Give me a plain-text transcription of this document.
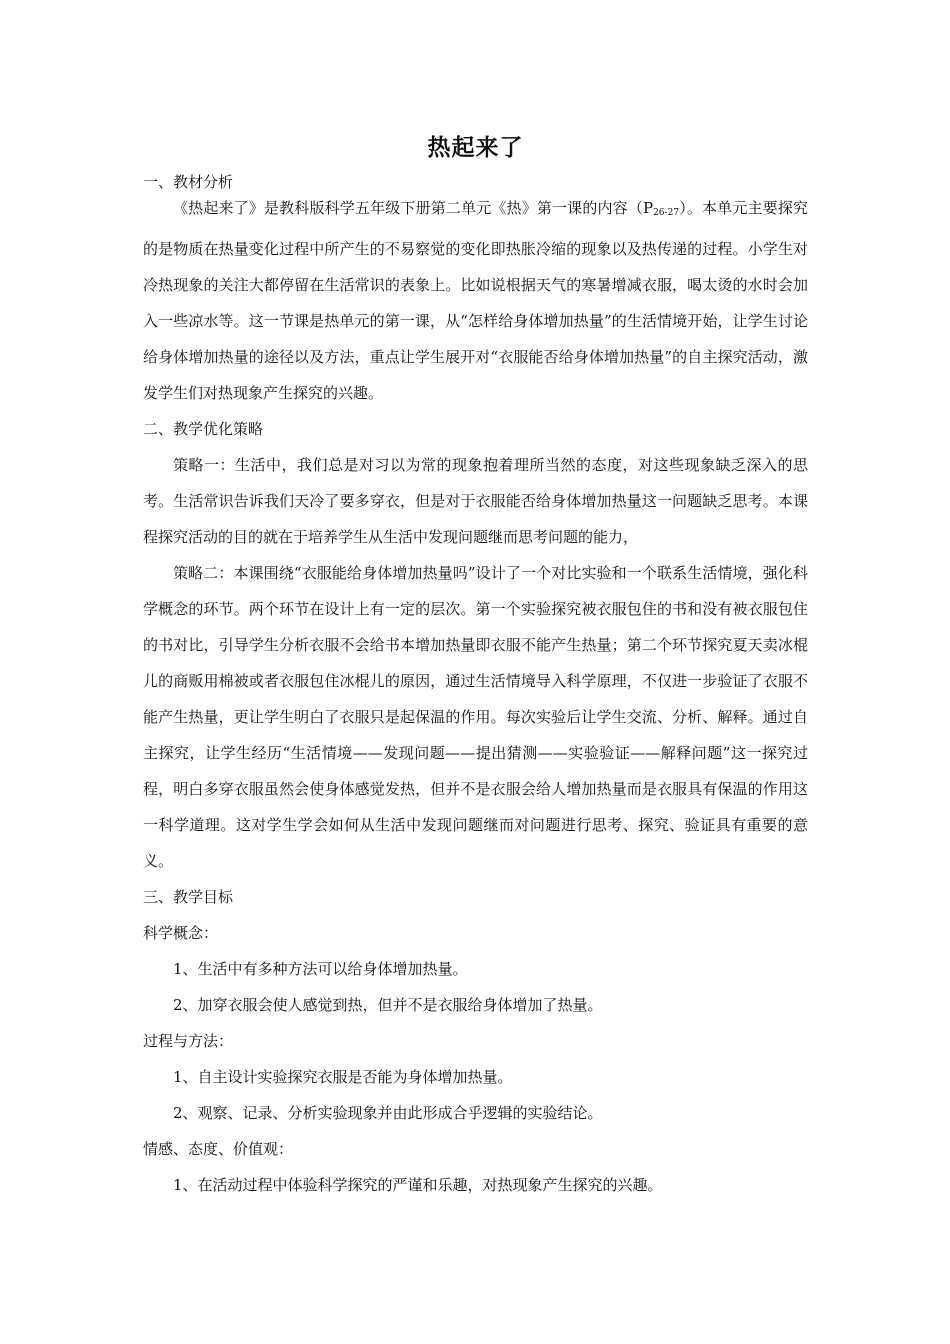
热起来了
一、教材分析

《热起来了》是教科版科学五年级下册第二单元《热》第一课的内容$(P_{26-27})$。本单元主要探究的是物质在热量变化过程中所产生的不易察觉的变化即热胀冷缩的现象以及热传递的过程。小学生对冷热现象的关注大都停留在生活常识的表象上。比如说根据天气的寒暑增减衣服，喝太烫的水时会加入一些凉水等。这一节课是热单元的第一课，从“怎样给身体增加热量”的生活情境开始，让学生讨论给身体增加热量的途径以及方法，重点让学生展开对“衣服能否给身体增加热量”的自主探究活动，激发学生们对热现象产生探究的兴趣。

二、教学优化策略

策略一：生活中，我们总是对习以为常的现象抱着理所当然的态度，对这些现象缺乏深入的思考。生活常识告诉我们天冷了要多穿衣，但是对于衣服能否给身体增加热量这一问题缺乏思考。本课程探究活动的目的就在于培养学生从生活中发现问题继而思考问题的能力，

策略二：本课围绕“衣服能给身体增加热量吗”设计了一个对比实验和一个联系生活情境，强化科学概念的环节。两个环节在设计上有一定的层次。第一个实验探究被衣服包住的书和没有被衣服包住的书对比，引导学生分析衣服不会给书本增加热量即衣服不能产生热量；第二个环节探究夏天卖冰棍儿的商贩用棉被或者衣服包住冰棍儿的原因，通过生活情境导入科学原理，不仅进一步验证了衣服不能产生热量，更让学生明白了衣服只是起保温的作用。每次实验后让学生交流、分析、解释。通过自主探究，让学生经历“生活情境——发现问题——提出猜测——实验验证——解释问题”这一探究过程，明白多穿衣服虽然会使身体感觉发热，但并不是衣服会给人增加热量而是衣服具有保温的作用这一科学道理。这对学生学会如何从生活中发现问题继而对问题进行思考、探究、验证具有重要的意义。

三、教学目标
科学概念：
1、生活中有多种方法可以给身体增加热量。
2、加穿衣服会使人感觉到热，但并不是衣服给身体增加了热量。
过程与方法：
1、自主设计实验探究衣服是否能为身体增加热量。
2、观察、记录、分析实验现象并由此形成合乎逻辑的实验结论。
情感、态度、价值观：
1、在活动过程中体验科学探究的严谨和乐趣，对热现象产生探究的兴趣。
